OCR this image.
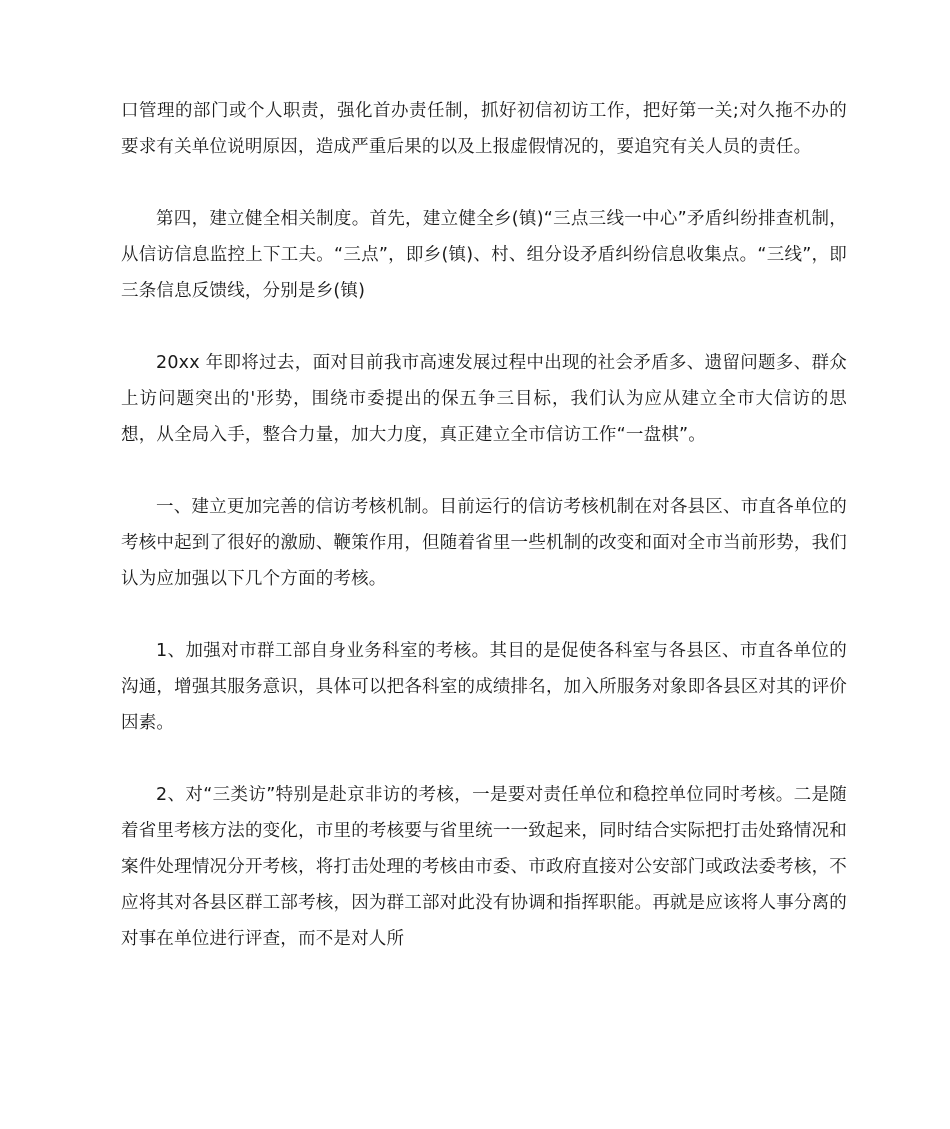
口管理的部门或个人职责，强化首办责任制，抓好初信初访工作，把好第一关;对久拖不办的要求有关单位说明原因，造成严重后果的以及上报虚假情况的，要追究有关人员的责任。

第四，建立健全相关制度。首先，建立健全乡(镇)“三点三线一中心”矛盾纠纷排查机制，从信访信息监控上下工夫。“三点”，即乡(镇)、村、组分设矛盾纠纷信息收集点。“三线”，即三条信息反馈线，分别是乡(镇)

20xx 年即将过去，面对目前我市高速发展过程中出现的社会矛盾多、遗留问题多、群众上访问题突出的'形势，围绕市委提出的保五争三目标，我们认为应从建立全市大信访的思想，从全局入手，整合力量，加大力度，真正建立全市信访工作“一盘棋”。

一、建立更加完善的信访考核机制。目前运行的信访考核机制在对各县区、市直各单位的考核中起到了很好的激励、鞭策作用，但随着省里一些机制的改变和面对全市当前形势，我们认为应加强以下几个方面的考核。

1、加强对市群工部自身业务科室的考核。其目的是促使各科室与各县区、市直各单位的沟通，增强其服务意识，具体可以把各科室的成绩排名，加入所服务对象即各县区对其的评价因素。

2、对“三类访”特别是赴京非访的考核，一是要对责任单位和稳控单位同时考核。二是随着省里考核方法的变化，市里的考核要与省里统一一致起来，同时结合实际把打击处臵情况和案件处理情况分开考核，将打击处理的考核由市委、市政府直接对公安部门或政法委考核，不应将其对各县区群工部考核，因为群工部对此没有协调和指挥职能。再就是应该将人事分离的对事在单位进行评查，而不是对人所
